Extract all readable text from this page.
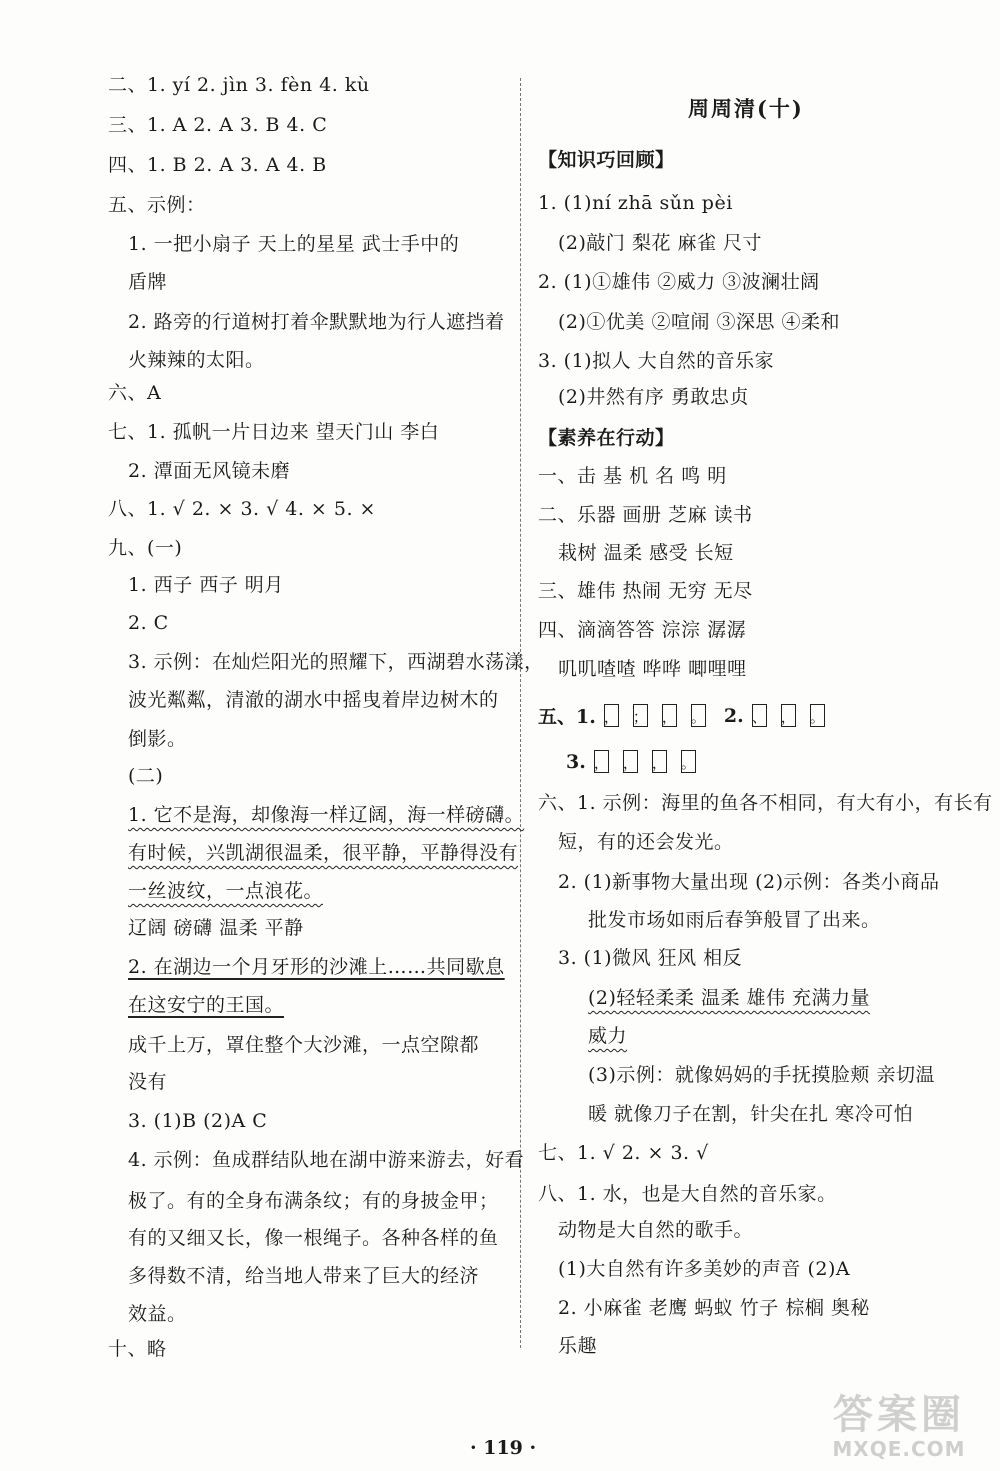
二、1. yí 2. jìn 3. fèn 4. kù
三、1. A 2. A 3. B 4. C
四、1. B 2. A 3. A 4. B
五、示例：
1. 一把小扇子 天上的星星 武士手中的
盾牌
2. 路旁的行道树打着伞默默地为行人遮挡着
火辣辣的太阳。
六、A
七、1. 孤帆一片日边来 望天门山 李白
2. 潭面无风镜未磨
八、1. √ 2. × 3. √ 4. × 5. ×
九、(一)
1. 西子 西子 明月
2. C
3. 示例：在灿烂阳光的照耀下，西湖碧水荡漾，
波光粼粼，清澈的湖水中摇曳着岸边树木的
倒影。
(二)
1. 它不是海，却像海一样辽阔，海一样磅礴。
有时候，兴凯湖很温柔，很平静，平静得没有
一丝波纹，一点浪花。
辽阔 磅礴 温柔 平静
2. 在湖边一个月牙形的沙滩上……共同歇息
在这安宁的王国。
成千上万，罩住整个大沙滩，一点空隙都
没有
3. (1)B (2)A C
4. 示例：鱼成群结队地在湖中游来游去，好看
极了。有的全身布满条纹；有的身披金甲；
有的又细又长，像一根绳子。各种各样的鱼
多得数不清，给当地人带来了巨大的经济
效益。
十、略
周周清(十)
【知识巧回顾】
1. (1)ní zhā sǔn pèi
(2)敲门 梨花 麻雀 尺寸
2. (1)①雄伟 ②威力 ③波澜壮阔
(2)①优美 ②喧闹 ③深思 ④柔和
3. (1)拟人 大自然的音乐家
(2)井然有序 勇敢忠贞
【素养在行动】
一、击 基 机 名 鸣 明
二、乐器 画册 芝麻 读书
栽树 温柔 感受 长短
三、雄伟 热闹 无穷 无尽
四、滴滴答答 淙淙 潺潺
叽叽喳喳 哗哗 唧哩哩
六、1. 示例：海里的鱼各不相同，有大有小，有长有
短，有的还会发光。
2. (1)新事物大量出现 (2)示例：各类小商品
批发市场如雨后春笋般冒了出来。
3. (1)微风 狂风 相反
(2)轻轻柔柔 温柔 雄伟 充满力量
威力
(3)示例：就像妈妈的手抚摸脸颊 亲切温
暖 就像刀子在割，针尖在扎 寒冷可怕
七、1. √ 2. × 3. √
八、1. 水，也是大自然的音乐家。
动物是大自然的歌手。
(1)大自然有许多美妙的声音 (2)A
2. 小麻雀 老鹰 蚂蚁 竹子 棕榈 奥秘
乐趣
五、1. ， ； ， 。 2. 、 ， 。
3. ， ， ， 。
· 119 ·
答案圈
MXQE.COM
